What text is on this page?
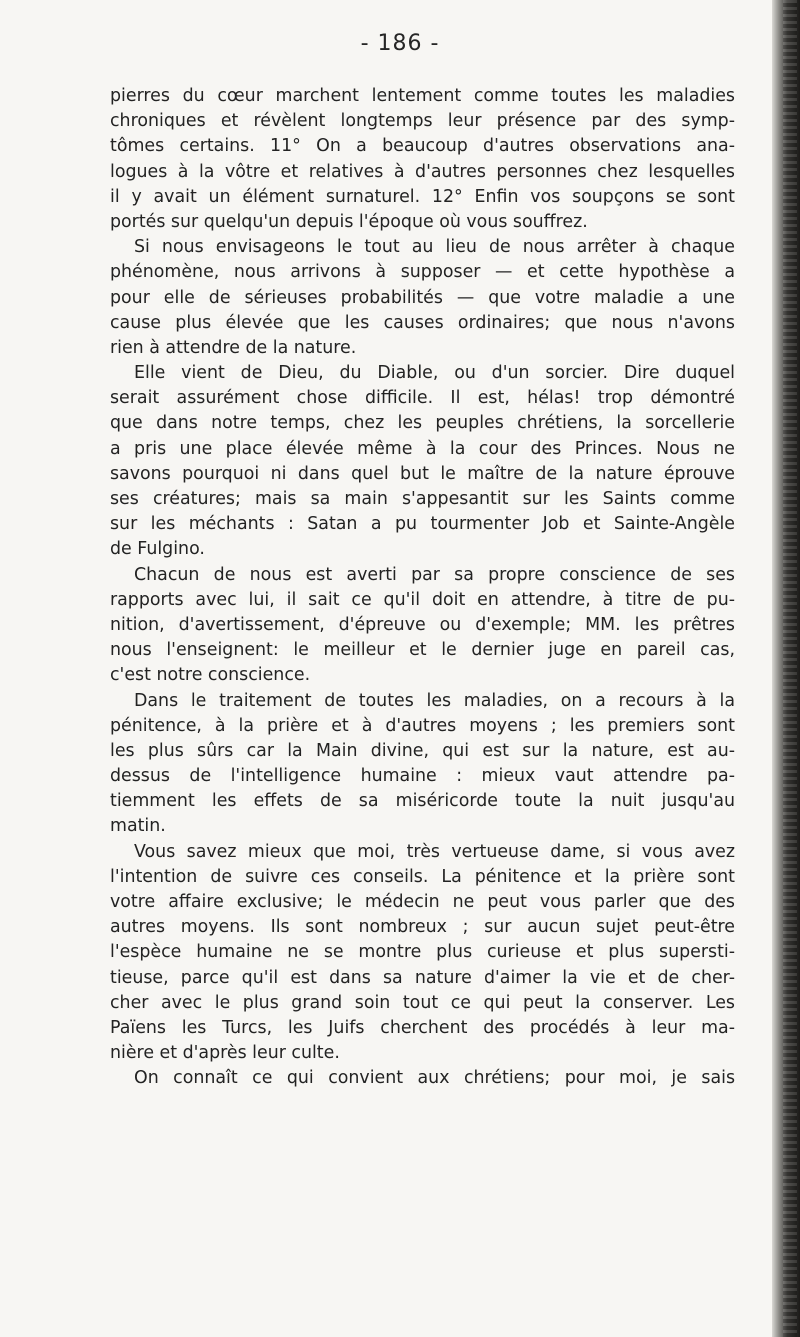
- 186 -
pierres du cœur marchent lentement comme toutes les maladies
chroniques et révèlent longtemps leur présence par des symp-
tômes certains. 11° On a beaucoup d'autres observations ana-
logues à la vôtre et relatives à d'autres personnes chez lesquelles
il y avait un élément surnaturel. 12° Enfin vos soupçons se sont
portés sur quelqu'un depuis l'époque où vous souffrez.
Si nous envisageons le tout au lieu de nous arrêter à chaque
phénomène, nous arrivons à supposer — et cette hypothèse a
pour elle de sérieuses probabilités — que votre maladie a une
cause plus élevée que les causes ordinaires; que nous n'avons
rien à attendre de la nature.
Elle vient de Dieu, du Diable, ou d'un sorcier. Dire duquel
serait assurément chose difficile. Il est, hélas! trop démontré
que dans notre temps, chez les peuples chrétiens, la sorcellerie
a pris une place élevée même à la cour des Princes. Nous ne
savons pourquoi ni dans quel but le maître de la nature éprouve
ses créatures; mais sa main s'appesantit sur les Saints comme
sur les méchants : Satan a pu tourmenter Job et Sainte-Angèle
de Fulgino.
Chacun de nous est averti par sa propre conscience de ses
rapports avec lui, il sait ce qu'il doit en attendre, à titre de pu-
nition, d'avertissement, d'épreuve ou d'exemple; MM. les prêtres
nous l'enseignent: le meilleur et le dernier juge en pareil cas,
c'est notre conscience.
Dans le traitement de toutes les maladies, on a recours à la
pénitence, à la prière et à d'autres moyens ; les premiers sont
les plus sûrs car la Main divine, qui est sur la nature, est au-
dessus de l'intelligence humaine : mieux vaut attendre pa-
tiemment les effets de sa miséricorde toute la nuit jusqu'au
matin.
Vous savez mieux que moi, très vertueuse dame, si vous avez
l'intention de suivre ces conseils. La pénitence et la prière sont
votre affaire exclusive; le médecin ne peut vous parler que des
autres moyens. Ils sont nombreux ; sur aucun sujet peut-être
l'espèce humaine ne se montre plus curieuse et plus supersti-
tieuse, parce qu'il est dans sa nature d'aimer la vie et de cher-
cher avec le plus grand soin tout ce qui peut la conserver. Les
Païens les Turcs, les Juifs cherchent des procédés à leur ma-
nière et d'après leur culte.
On connaît ce qui convient aux chrétiens; pour moi, je sais
